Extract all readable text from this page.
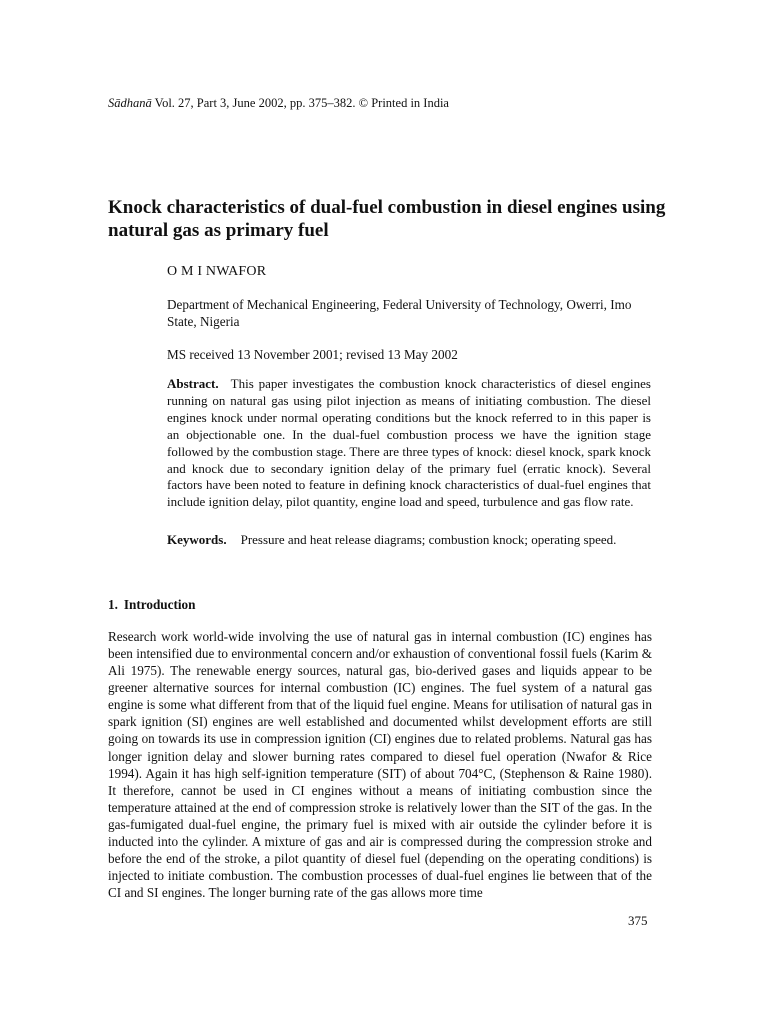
Sādhanā Vol. 27, Part 3, June 2002, pp. 375–382. © Printed in India
Knock characteristics of dual-fuel combustion in diesel engines using natural gas as primary fuel
O M I NWAFOR
Department of Mechanical Engineering, Federal University of Technology, Owerri, Imo State, Nigeria
MS received 13 November 2001; revised 13 May 2002
Abstract. This paper investigates the combustion knock characteristics of diesel engines running on natural gas using pilot injection as means of initiating combustion. The diesel engines knock under normal operating conditions but the knock referred to in this paper is an objectionable one. In the dual-fuel combustion process we have the ignition stage followed by the combustion stage. There are three types of knock: diesel knock, spark knock and knock due to secondary ignition delay of the primary fuel (erratic knock). Several factors have been noted to feature in defining knock characteristics of dual-fuel engines that include ignition delay, pilot quantity, engine load and speed, turbulence and gas flow rate.
Keywords. Pressure and heat release diagrams; combustion knock; operating speed.
1. Introduction
Research work world-wide involving the use of natural gas in internal combustion (IC) engines has been intensified due to environmental concern and/or exhaustion of conventional fossil fuels (Karim & Ali 1975). The renewable energy sources, natural gas, bio-derived gases and liquids appear to be greener alternative sources for internal combustion (IC) engines. The fuel system of a natural gas engine is some what different from that of the liquid fuel engine. Means for utilisation of natural gas in spark ignition (SI) engines are well established and documented whilst development efforts are still going on towards its use in compression ignition (CI) engines due to related problems. Natural gas has longer ignition delay and slower burning rates compared to diesel fuel operation (Nwafor & Rice 1994). Again it has high self-ignition temperature (SIT) of about 704°C, (Stephenson & Raine 1980). It therefore, cannot be used in CI engines without a means of initiating combustion since the temperature attained at the end of compression stroke is relatively lower than the SIT of the gas. In the gas-fumigated dual-fuel engine, the primary fuel is mixed with air outside the cylinder before it is inducted into the cylinder. A mixture of gas and air is compressed during the compression stroke and before the end of the stroke, a pilot quantity of diesel fuel (depending on the operating conditions) is injected to initiate combustion. The combustion processes of dual-fuel engines lie between that of the CI and SI engines. The longer burning rate of the gas allows more time
375
